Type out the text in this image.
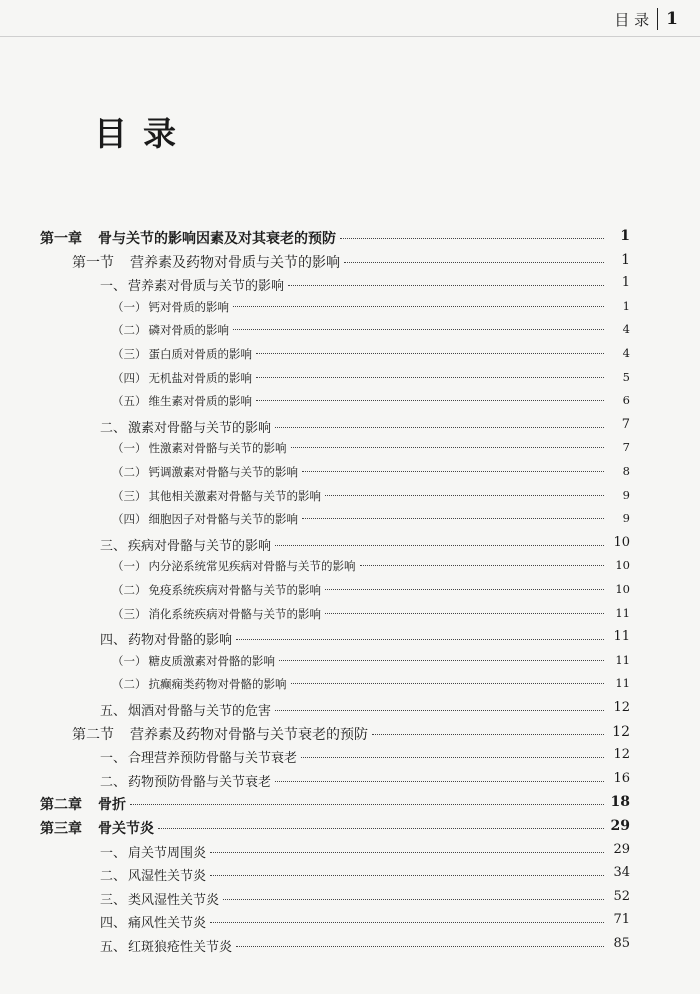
目 录 1
目录
第一章 骨与关节的影响因素及对其衰老的预防	1
第一节 营养素及药物对骨质与关节的影响	1
一、 营养素对骨质与关节的影响	1
（一） 钙对骨质的影响	1
（二） 磷对骨质的影响	4
（三） 蛋白质对骨质的影响	4
（四） 无机盐对骨质的影响	5
（五） 维生素对骨质的影响	6
二、 激素对骨骼与关节的影响	7
（一） 性激素对骨骼与关节的影响	7
（二） 钙调激素对骨骼与关节的影响	8
（三） 其他相关激素对骨骼与关节的影响	9
（四） 细胞因子对骨骼与关节的影响	9
三、 疾病对骨骼与关节的影响	10
（一） 内分泌系统常见疾病对骨骼与关节的影响	10
（二） 免疫系统疾病对骨骼与关节的影响	10
（三） 消化系统疾病对骨骼与关节的影响	11
四、 药物对骨骼的影响	11
（一） 糖皮质激素对骨骼的影响	11
（二） 抗癫痫类药物对骨骼的影响	11
五、 烟酒对骨骼与关节的危害	12
第二节 营养素及药物对骨骼与关节衰老的预防	12
一、 合理营养预防骨骼与关节衰老	12
二、 药物预防骨骼与关节衰老	16
第二章 骨折	18
第三章 骨关节炎	29
一、 肩关节周围炎	29
二、 风湿性关节炎	34
三、 类风湿性关节炎	52
四、 痛风性关节炎	71
五、 红斑狼疮性关节炎	85
